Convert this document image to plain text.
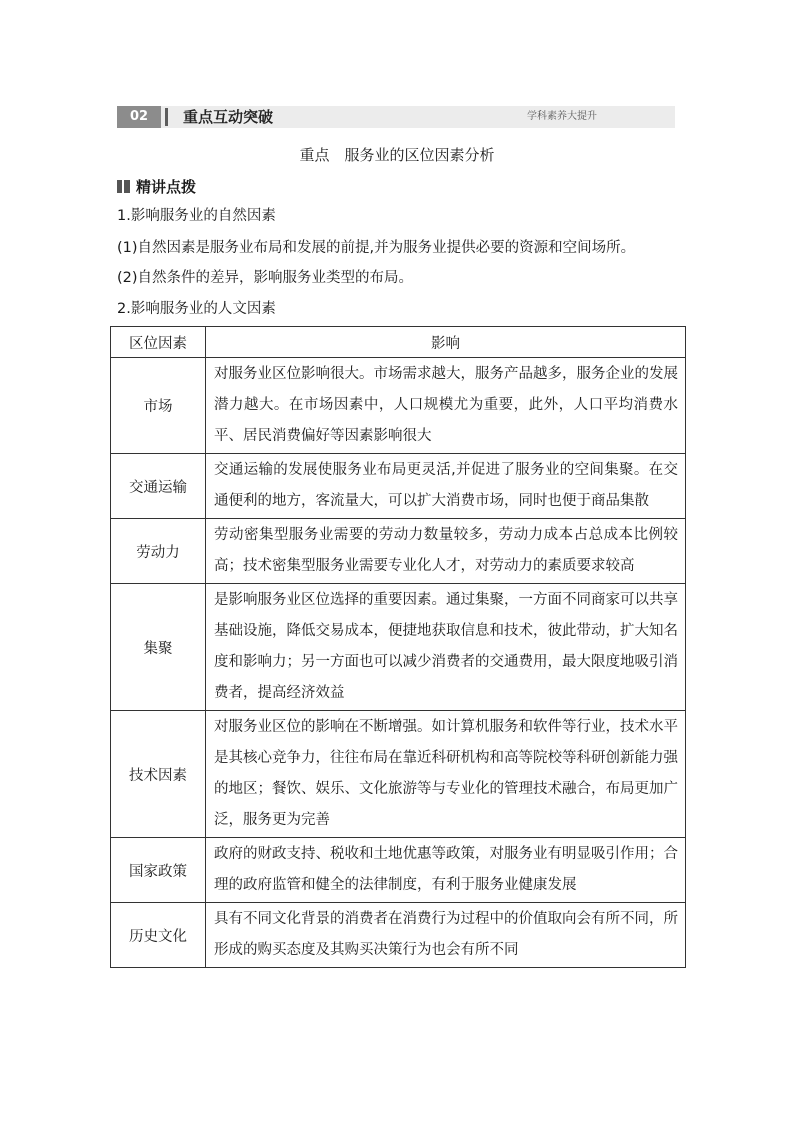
02	重点互动突破	学科素养大提升
重点　服务业的区位因素分析
精讲点拨
1.影响服务业的自然因素
(1)自然因素是服务业布局和发展的前提,并为服务业提供必要的资源和空间场所。
(2)自然条件的差异，影响服务业类型的布局。
2.影响服务业的人文因素
区位因素	影响
市场	对服务业区位影响很大。市场需求越大，服务产品越多，服务企业的发展潜力越大。在市场因素中，人口规模尤为重要，此外，人口平均消费水平、居民消费偏好等因素影响很大
交通运输	交通运输的发展使服务业布局更灵活,并促进了服务业的空间集聚。在交通便利的地方，客流量大，可以扩大消费市场，同时也便于商品集散
劳动力	劳动密集型服务业需要的劳动力数量较多，劳动力成本占总成本比例较高；技术密集型服务业需要专业化人才，对劳动力的素质要求较高
集聚	是影响服务业区位选择的重要因素。通过集聚，一方面不同商家可以共享基础设施，降低交易成本，便捷地获取信息和技术，彼此带动，扩大知名度和影响力；另一方面也可以减少消费者的交通费用，最大限度地吸引消费者，提高经济效益
技术因素	对服务业区位的影响在不断增强。如计算机服务和软件等行业，技术水平是其核心竞争力，往往布局在靠近科研机构和高等院校等科研创新能力强的地区；餐饮、娱乐、文化旅游等与专业化的管理技术融合，布局更加广泛，服务更为完善
国家政策	政府的财政支持、税收和土地优惠等政策，对服务业有明显吸引作用；合理的政府监管和健全的法律制度，有利于服务业健康发展
历史文化	具有不同文化背景的消费者在消费行为过程中的价值取向会有所不同，所形成的购买态度及其购买决策行为也会有所不同
